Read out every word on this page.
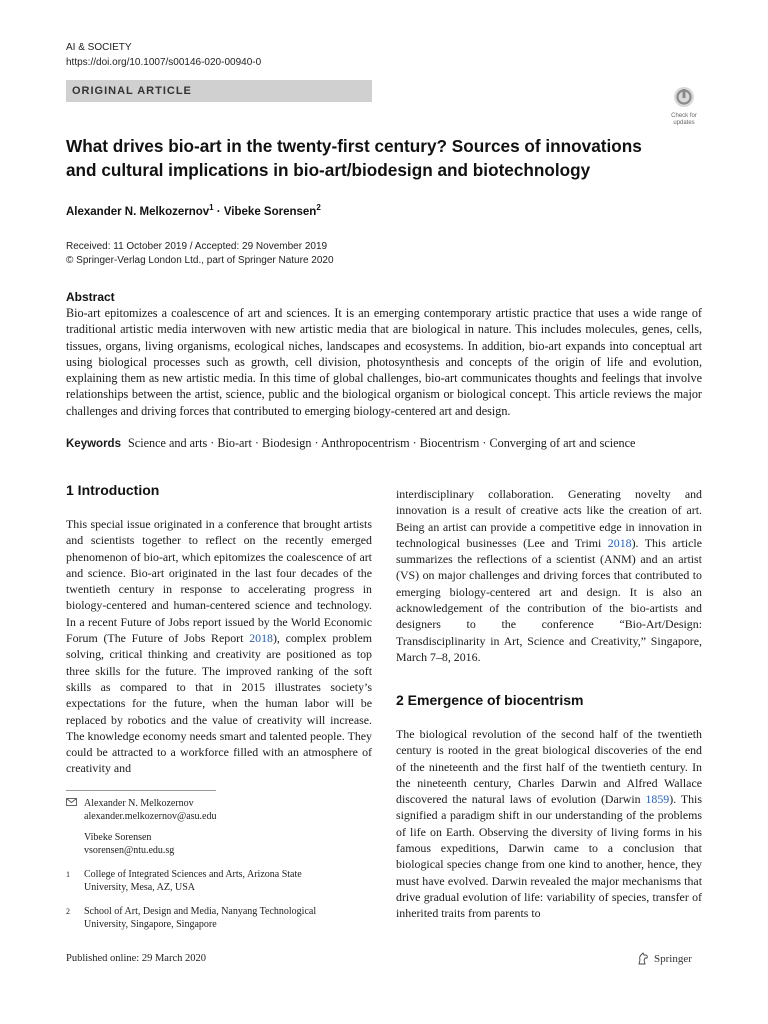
AI & SOCIETY
https://doi.org/10.1007/s00146-020-00940-0
ORIGINAL ARTICLE
Check for
updates
What drives bio-art in the twenty-first century? Sources of innovations
and cultural implications in bio-art/biodesign and biotechnology
Alexander N. Melkozernov$^1$ · Vibeke Sorensen$^2$
Received: 11 October 2019 / Accepted: 29 November 2019
© Springer-Verlag London Ltd., part of Springer Nature 2020
Abstract

Bio-art epitomizes a coalescence of art and sciences. It is an emerging contemporary artistic practice that uses a wide range of traditional artistic media interwoven with new artistic media that are biological in nature. This includes molecules, genes, cells, tissues, organs, living organisms, ecological niches, landscapes and ecosystems. In addition, bio-art expands into conceptual art using biological processes such as growth, cell division, photosynthesis and concepts of the origin of life and evolution, explaining them as new artistic media. In this time of global challenges, bio-art communicates thoughts and feelings that involve relationships between the artist, science, public and the biological organism or biological concept. This article reviews the major challenges and driving forces that contributed to emerging biology-centered art and design.

Keywords Science and arts · Bio-art · Biodesign · Anthropocentrism · Biocentrism · Converging of art and science
1 Introduction

This special issue originated in a conference that brought artists and scientists together to reflect on the recently emerged phenomenon of bio-art, which epitomizes the coalescence of art and science. Bio-art originated in the last four decades of the twentieth century in response to accelerating progress in biology-centered and human-centered science and technology. In a recent Future of Jobs report issued by the World Economic Forum (The Future of Jobs Report 2018), complex problem solving, critical thinking and creativity are positioned as top three skills for the future. The improved ranking of the soft skills as compared to that in 2015 illustrates society’s expectations for the future, when the human labor will be replaced by robotics and the value of creativity will increase. The knowledge economy needs smart and talented people. They could be attracted to a workforce filled with an atmosphere of creativity and

interdisciplinary collaboration. Generating novelty and innovation is a result of creative acts like the creation of art. Being an artist can provide a competitive edge in innovation in technological businesses (Lee and Trimi 2018). This article summarizes the reflections of a scientist (ANM) and an artist (VS) on major challenges and driving forces that contributed to emerging biology-centered art and design. It is also an acknowledgement of the contribution of the bio-artists and designers to the conference “Bio-Art/Design: Transdisciplinarity in Art, Science and Creativity,” Singapore, March 7–8, 2016.

2 Emergence of biocentrism

The biological revolution of the second half of the twentieth century is rooted in the great biological discoveries of the end of the nineteenth and the first half of the twentieth century. In the nineteenth century, Charles Darwin and Alfred Wallace discovered the natural laws of evolution (Darwin 1859). This signified a paradigm shift in our understanding of the problems of life on Earth. Observing the diversity of living forms in his famous expeditions, Darwin came to a conclusion that biological species change from one kind to another, hence, they must have evolved. Darwin revealed the major mechanisms that drive gradual evolution of life: variability of species, transfer of inherited traits from parents to

Alexander N. Melkozernov
alexander.melkozernov@asu.edu
Vibeke Sorensen
vsorensen@ntu.edu.sg
1	College of Integrated Sciences and Arts, Arizona State
University, Mesa, AZ, USA
2	School of Art, Design and Media, Nanyang Technological
University, Singapore, Singapore
Published online: 29 March 2020	Springer
